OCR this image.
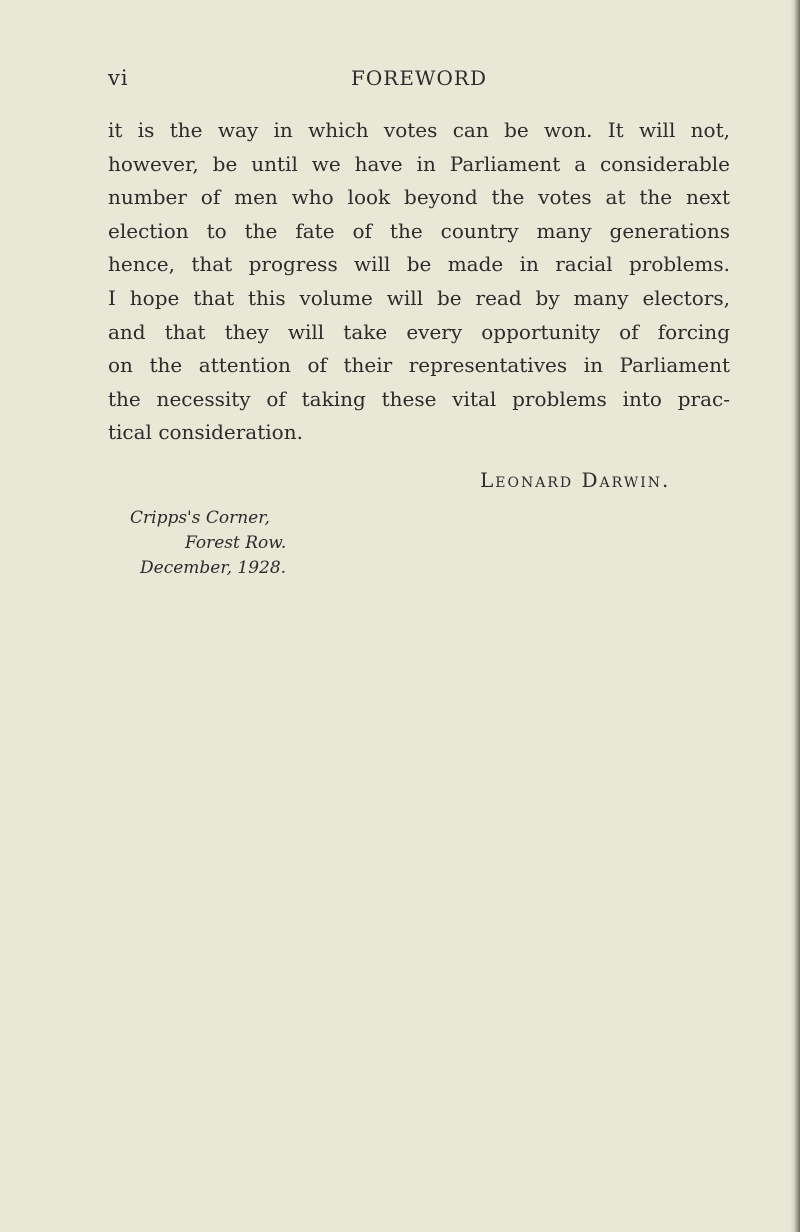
vi	FOREWORD
it is the way in which votes can be won. It will not,
however, be until we have in Parliament a considerable
number of men who look beyond the votes at the next
election to the fate of the country many generations
hence, that progress will be made in racial problems.
I hope that this volume will be read by many electors,
and that they will take every opportunity of forcing
on the attention of their representatives in Parliament
the necessity of taking these vital problems into prac-
tical consideration.
Leonard Darwin.
Cripps's Corner,
Forest Row.
December, 1928.
